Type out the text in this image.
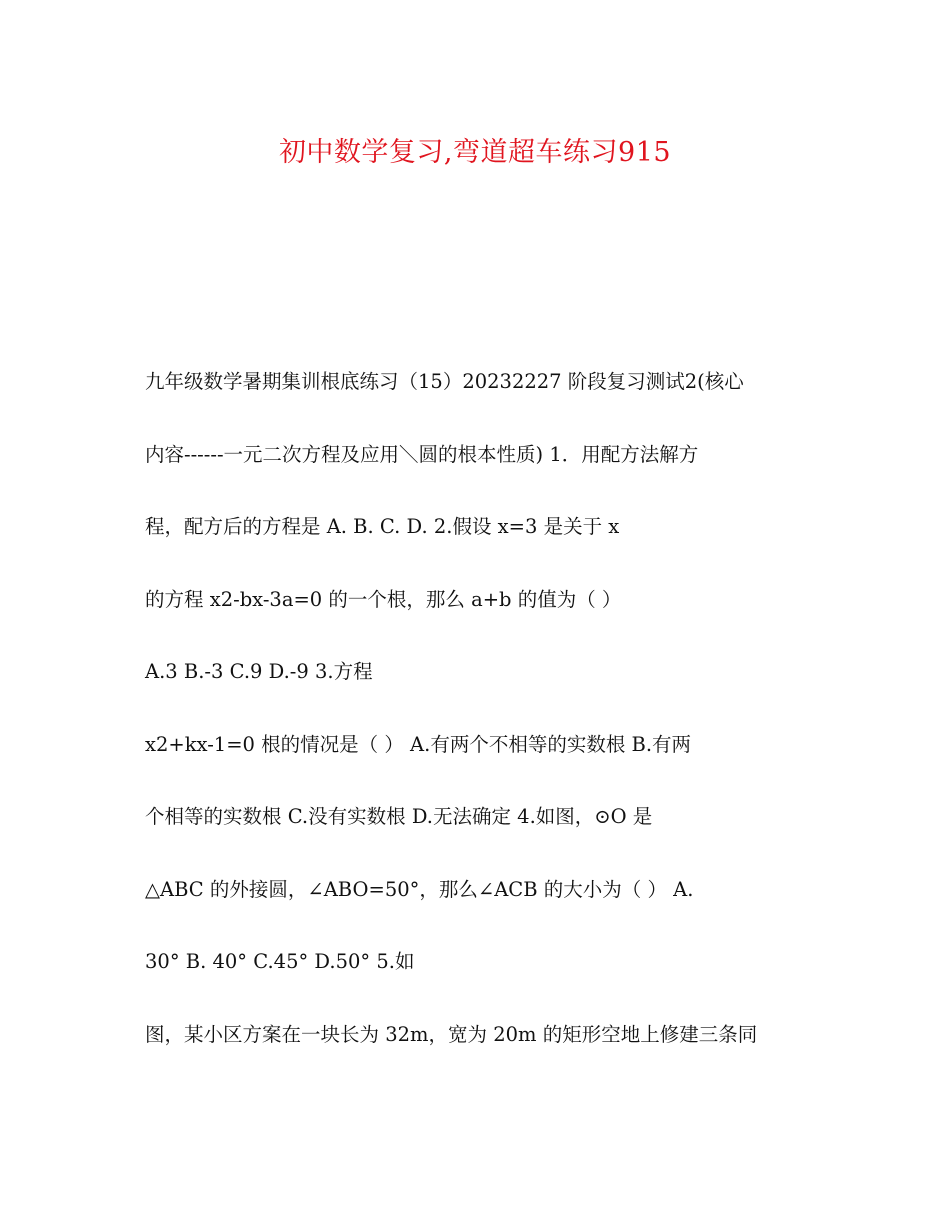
初中数学复习,弯道超车练习915
九年级数学暑期集训根底练习（15）20232227 阶段复习测试2(核心
内容------一元二次方程及应用＼圆的根本性质) 1．用配方法解方
程，配方后的方程是 A. B. C. D. 2.假设 x=3 是关于 x
的方程 x2-bx-3a=0 的一个根，那么 a+b 的值为（ ）
A.3 B.-3 C.9 D.-9 3.方程
x2+kx-1=0 根的情况是（ ） A.有两个不相等的实数根 B.有两
个相等的实数根 C.没有实数根 D.无法确定 4.如图，⊙O 是
△ABC 的外接圆，∠ABO=50°，那么∠ACB 的大小为（ ） A.
30° B. 40° C.45° D.50° 5.如
图，某小区方案在一块长为 32m，宽为 20m 的矩形空地上修建三条同
